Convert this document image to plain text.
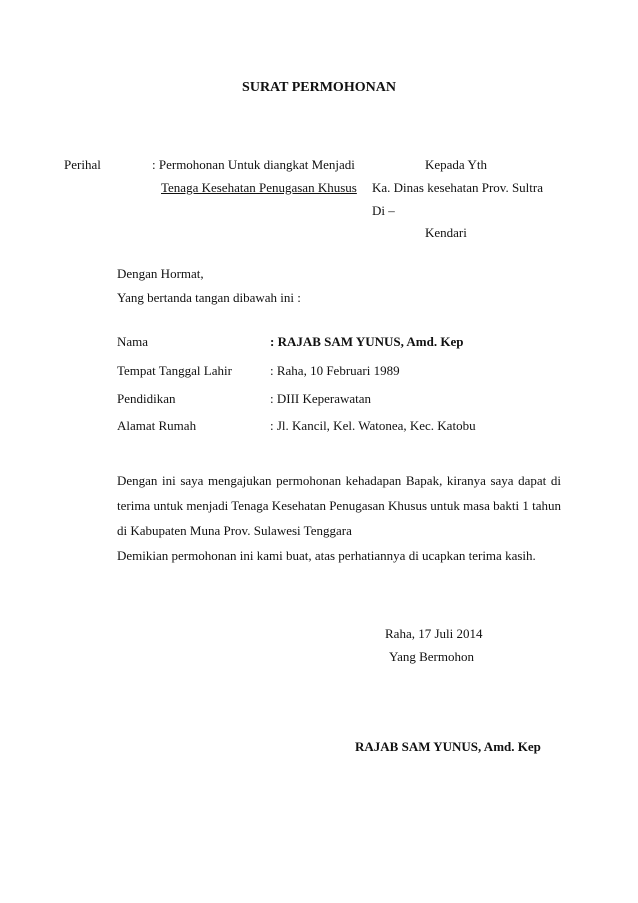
SURAT PERMOHONAN
Perihal	: Permohonan Untuk diangkat Menjadi
Tenaga Kesehatan Penugasan Khusus
Kepada Yth
Ka. Dinas kesehatan Prov. Sultra
Di –
Kendari
Dengan Hormat,
Yang bertanda tangan dibawah ini :
Nama	: RAJAB SAM YUNUS, Amd. Kep
Tempat Tanggal Lahir	: Raha, 10 Februari 1989
Pendidikan	: DIII Keperawatan
Alamat Rumah	: Jl. Kancil, Kel. Watonea, Kec. Katobu

Dengan ini saya mengajukan permohonan kehadapan Bapak, kiranya saya dapat di

terima untuk menjadi Tenaga Kesehatan Penugasan Khusus untuk masa bakti 1 tahun

di Kabupaten Muna Prov. Sulawesi Tenggara

Demikian permohonan ini kami buat, atas perhatiannya di ucapkan terima kasih.

Raha, 17 Juli 2014
Yang Bermohon
RAJAB SAM YUNUS, Amd. Kep
